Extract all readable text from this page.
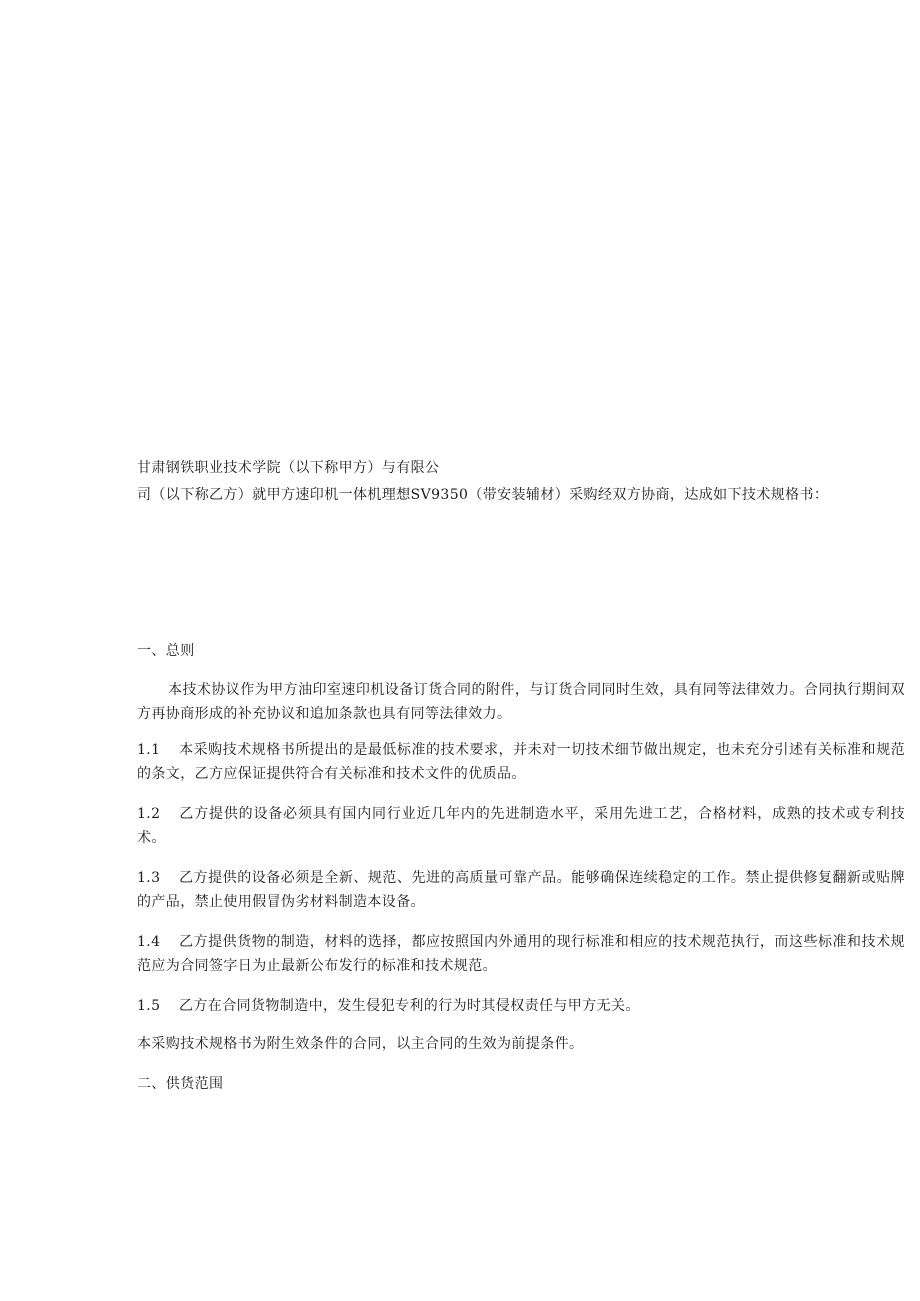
甘肃钢铁职业技术学院（以下称甲方）与有限公
司（以下称乙方）就甲方速印机一体机理想SV9350（带安装辅材）采购经双方协商，达成如下技术规格书：
一、总则
本技术协议作为甲方油印室速印机设备订货合同的附件，与订货合同同时生效，具有同等法律效力。合同执行期间双方再协商形成的补充协议和追加条款也具有同等法律效力。
1.1 本采购技术规格书所提出的是最低标准的技术要求，并未对一切技术细节做出规定，也未充分引述有关标准和规范的条文，乙方应保证提供符合有关标准和技术文件的优质品。
1.2 乙方提供的设备必须具有国内同行业近几年内的先进制造水平，采用先进工艺，合格材料，成熟的技术或专利技术。
1.3 乙方提供的设备必须是全新、规范、先进的高质量可靠产品。能够确保连续稳定的工作。禁止提供修复翻新或贴牌的产品，禁止使用假冒伪劣材料制造本设备。
1.4 乙方提供货物的制造，材料的选择，都应按照国内外通用的现行标准和相应的技术规范执行，而这些标准和技术规范应为合同签字日为止最新公布发行的标准和技术规范。
1.5 乙方在合同货物制造中，发生侵犯专利的行为时其侵权责任与甲方无关。
本采购技术规格书为附生效条件的合同，以主合同的生效为前提条件。
二、供货范围
